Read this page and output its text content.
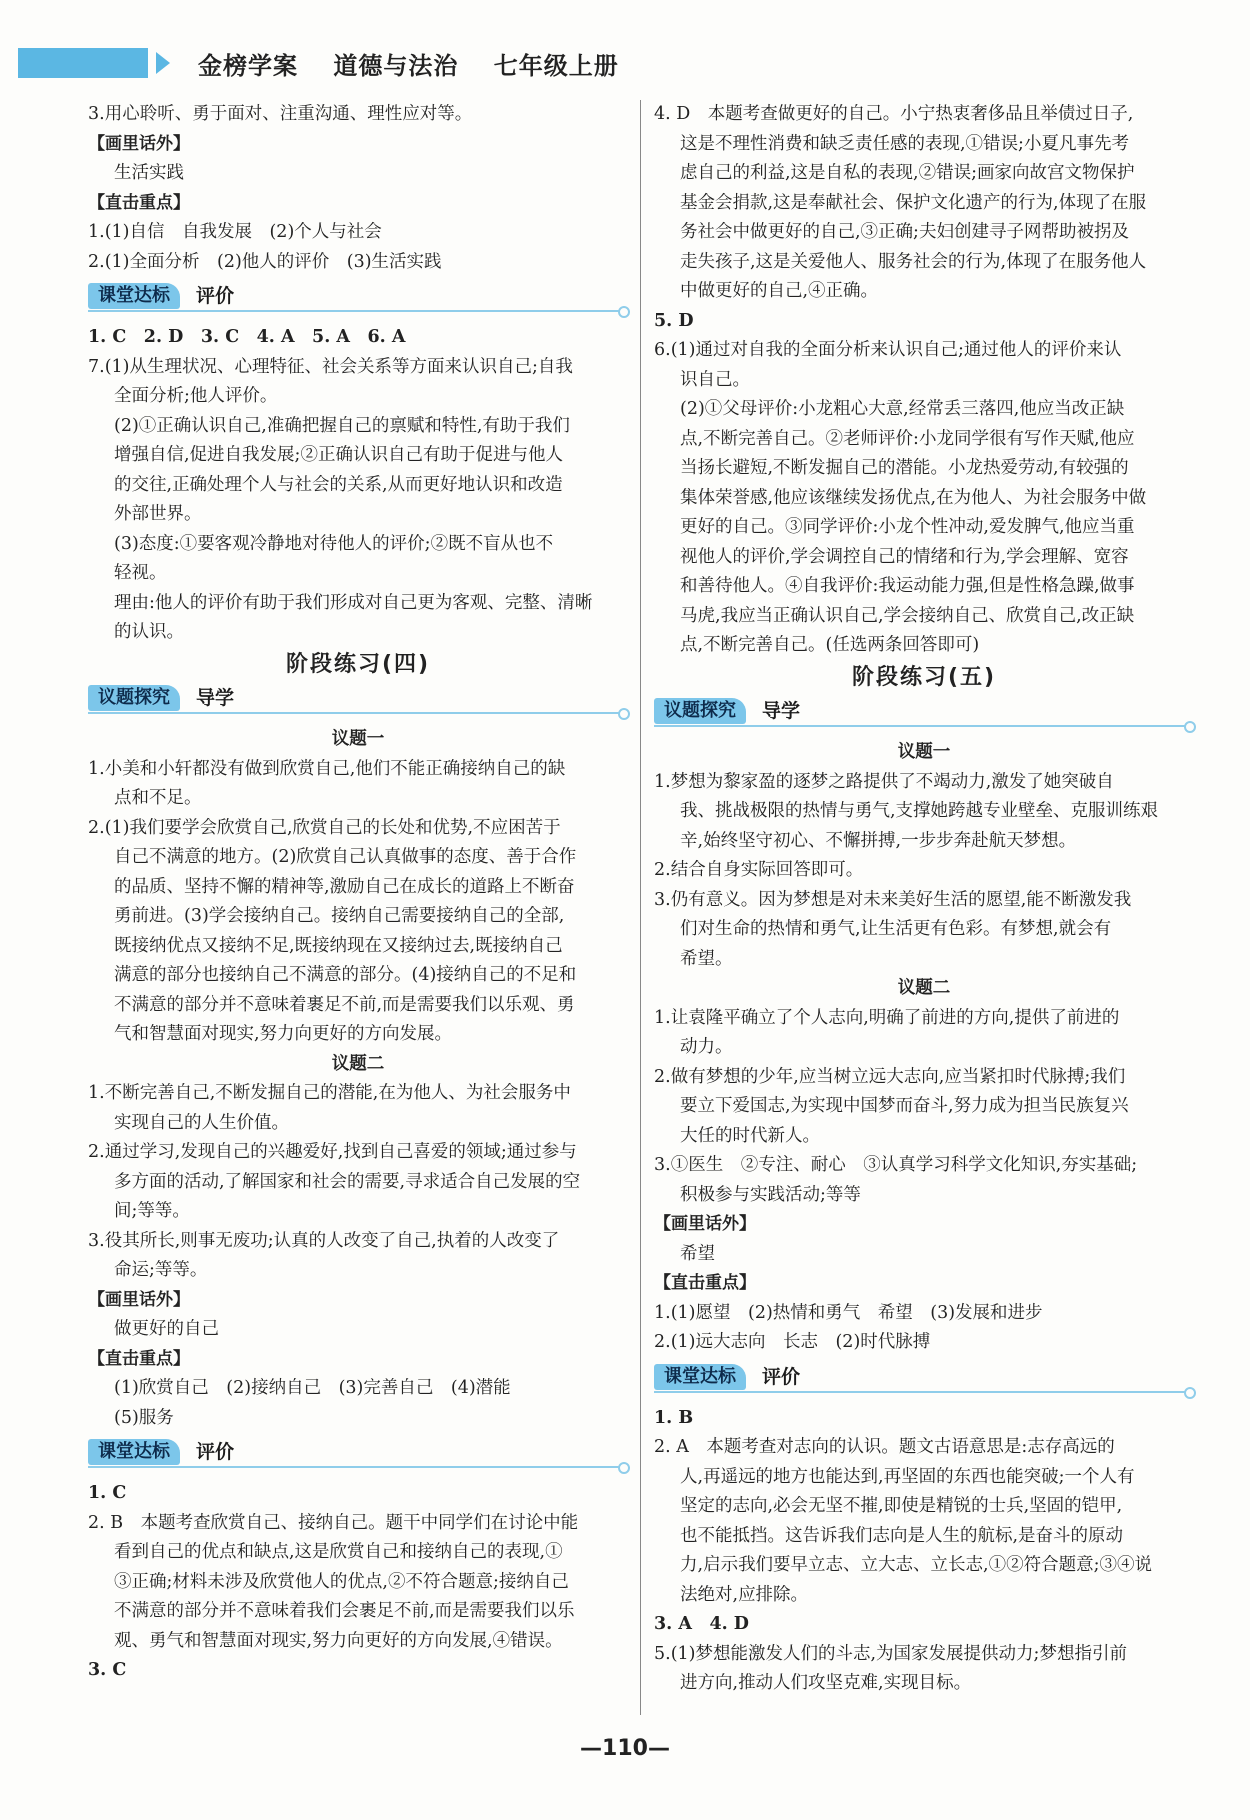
金榜学案 道德与法治 七年级上册
3.用心聆听、勇于面对、注重沟通、理性应对等。
【画里话外】
生活实践
【直击重点】
1.(1)自信　自我发展　(2)个人与社会
2.(1)全面分析　(2)他人的评价　(3)生活实践
课堂达标	评价
1. C　2. D　3. C　4. A　5. A　6. A
7.(1)从生理状况、心理特征、社会关系等方面来认识自己;自我
全面分析;他人评价。
(2)①正确认识自己,准确把握自己的禀赋和特性,有助于我们
增强自信,促进自我发展;②正确认识自己有助于促进与他人
的交往,正确处理个人与社会的关系,从而更好地认识和改造
外部世界。
(3)态度:①要客观冷静地对待他人的评价;②既不盲从也不
轻视。
理由:他人的评价有助于我们形成对自己更为客观、完整、清晰
的认识。
阶段练习(四)
议题探究	导学
议题一
1.小美和小轩都没有做到欣赏自己,他们不能正确接纳自己的缺
点和不足。
2.(1)我们要学会欣赏自己,欣赏自己的长处和优势,不应困苦于
自己不满意的地方。(2)欣赏自己认真做事的态度、善于合作
的品质、坚持不懈的精神等,激励自己在成长的道路上不断奋
勇前进。(3)学会接纳自己。接纳自己需要接纳自己的全部,
既接纳优点又接纳不足,既接纳现在又接纳过去,既接纳自己
满意的部分也接纳自己不满意的部分。(4)接纳自己的不足和
不满意的部分并不意味着裹足不前,而是需要我们以乐观、勇
气和智慧面对现实,努力向更好的方向发展。
议题二
1.不断完善自己,不断发掘自己的潜能,在为他人、为社会服务中
实现自己的人生价值。
2.通过学习,发现自己的兴趣爱好,找到自己喜爱的领域;通过参与
多方面的活动,了解国家和社会的需要,寻求适合自己发展的空
间;等等。
3.役其所长,则事无废功;认真的人改变了自己,执着的人改变了
命运;等等。
【画里话外】
做更好的自己
【直击重点】
(1)欣赏自己　(2)接纳自己　(3)完善自己　(4)潜能
(5)服务
课堂达标	评价
1. C
2. B　本题考查欣赏自己、接纳自己。题干中同学们在讨论中能
看到自己的优点和缺点,这是欣赏自己和接纳自己的表现,①
③正确;材料未涉及欣赏他人的优点,②不符合题意;接纳自己
不满意的部分并不意味着我们会裹足不前,而是需要我们以乐
观、勇气和智慧面对现实,努力向更好的方向发展,④错误。
3. C
4. D　本题考查做更好的自己。小宁热衷奢侈品且举债过日子,
这是不理性消费和缺乏责任感的表现,①错误;小夏凡事先考
虑自己的利益,这是自私的表现,②错误;画家向故宫文物保护
基金会捐款,这是奉献社会、保护文化遗产的行为,体现了在服
务社会中做更好的自己,③正确;夫妇创建寻子网帮助被拐及
走失孩子,这是关爱他人、服务社会的行为,体现了在服务他人
中做更好的自己,④正确。
5. D
6.(1)通过对自我的全面分析来认识自己;通过他人的评价来认
识自己。
(2)①父母评价:小龙粗心大意,经常丢三落四,他应当改正缺
点,不断完善自己。②老师评价:小龙同学很有写作天赋,他应
当扬长避短,不断发掘自己的潜能。小龙热爱劳动,有较强的
集体荣誉感,他应该继续发扬优点,在为他人、为社会服务中做
更好的自己。③同学评价:小龙个性冲动,爱发脾气,他应当重
视他人的评价,学会调控自己的情绪和行为,学会理解、宽容
和善待他人。④自我评价:我运动能力强,但是性格急躁,做事
马虎,我应当正确认识自己,学会接纳自己、欣赏自己,改正缺
点,不断完善自己。(任选两条回答即可)
阶段练习(五)
议题探究	导学
议题一
1.梦想为黎家盈的逐梦之路提供了不竭动力,激发了她突破自
我、挑战极限的热情与勇气,支撑她跨越专业壁垒、克服训练艰
辛,始终坚守初心、不懈拼搏,一步步奔赴航天梦想。
2.结合自身实际回答即可。
3.仍有意义。因为梦想是对未来美好生活的愿望,能不断激发我
们对生命的热情和勇气,让生活更有色彩。有梦想,就会有
希望。
议题二
1.让袁隆平确立了个人志向,明确了前进的方向,提供了前进的
动力。
2.做有梦想的少年,应当树立远大志向,应当紧扣时代脉搏;我们
要立下爱国志,为实现中国梦而奋斗,努力成为担当民族复兴
大任的时代新人。
3.①医生　②专注、耐心　③认真学习科学文化知识,夯实基础;
积极参与实践活动;等等
【画里话外】
希望
【直击重点】
1.(1)愿望　(2)热情和勇气　希望　(3)发展和进步
2.(1)远大志向　长志　(2)时代脉搏
课堂达标	评价
1. B
2. A　本题考查对志向的认识。题文古语意思是:志存高远的
人,再遥远的地方也能达到,再坚固的东西也能突破;一个人有
坚定的志向,必会无坚不摧,即使是精锐的士兵,坚固的铠甲,
也不能抵挡。这告诉我们志向是人生的航标,是奋斗的原动
力,启示我们要早立志、立大志、立长志,①②符合题意;③④说
法绝对,应排除。
3. A　4. D
5.(1)梦想能激发人们的斗志,为国家发展提供动力;梦想指引前
进方向,推动人们攻坚克难,实现目标。
—110—
